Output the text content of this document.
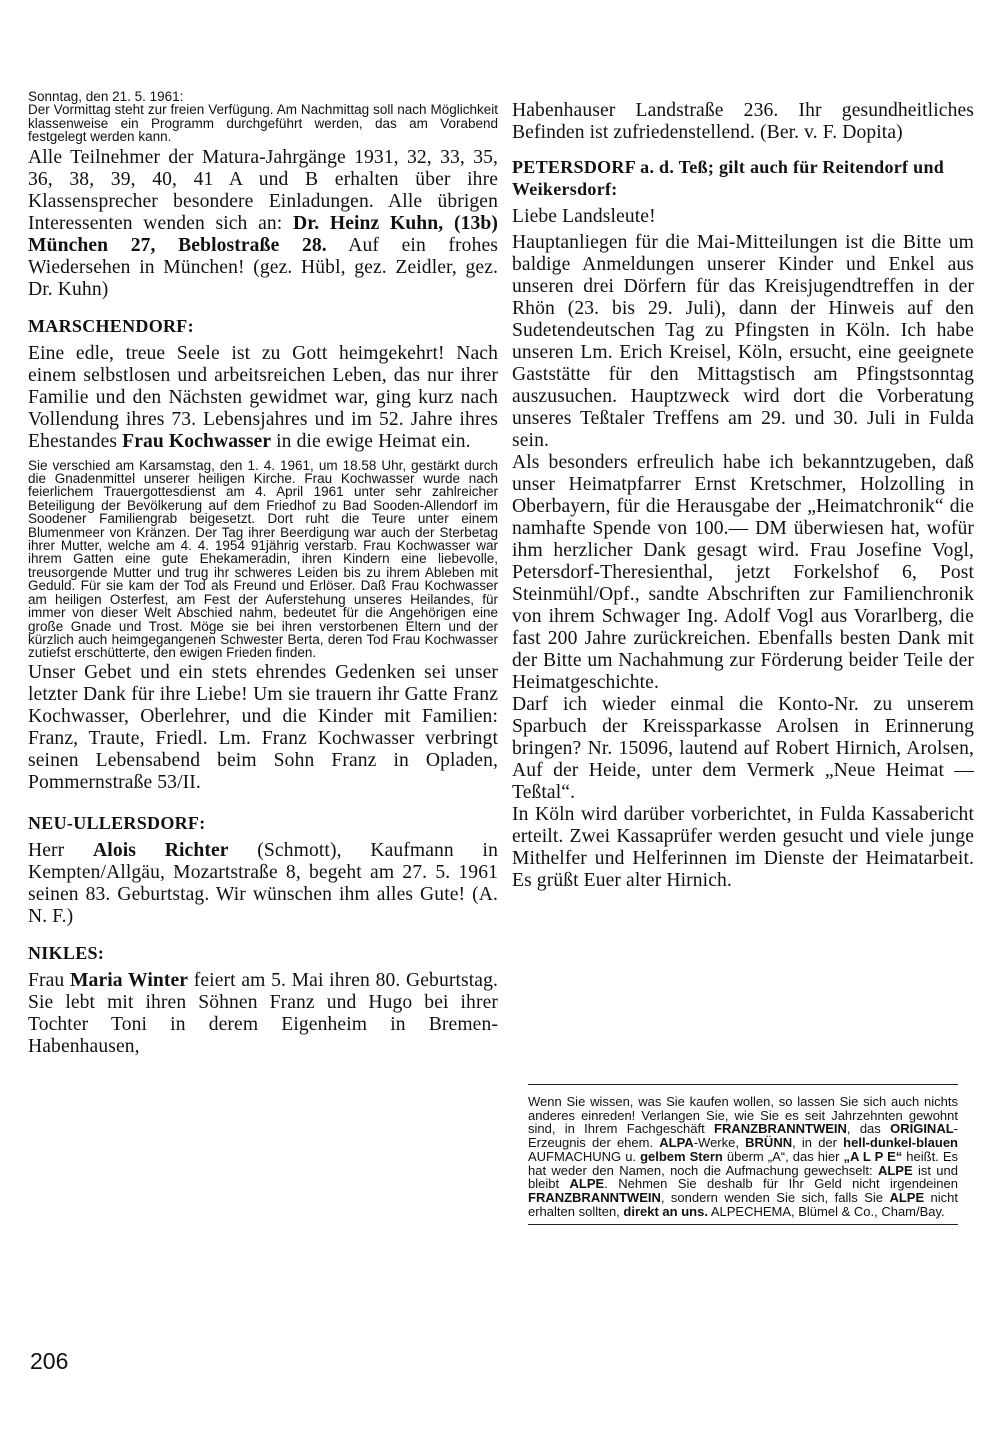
Sonntag, den 21. 5. 1961:
Der Vormittag steht zur freien Verfügung. Am Nachmittag soll nach Möglichkeit klassenweise ein Programm durchgeführt werden, das am Vorabend festgelegt werden kann.

Alle Teilnehmer der Matura-Jahrgänge 1931, 32, 33, 35, 36, 38, 39, 40, 41 A und B erhalten über ihre Klassensprecher besondere Einladungen. Alle übrigen Interessenten wenden sich an: Dr. Heinz Kuhn, (13b) München 27, Beblostraße 28. Auf ein frohes Wiedersehen in München! (gez. Hübl, gez. Zeidler, gez. Dr. Kuhn)

MARSCHENDORF:

Eine edle, treue Seele ist zu Gott heimgekehrt! Nach einem selbstlosen und arbeitsreichen Leben, das nur ihrer Familie und den Nächsten gewidmet war, ging kurz nach Vollendung ihres 73. Lebensjahres und im 52. Jahre ihres Ehestandes Frau Kochwasser in die ewige Heimat ein.

Sie verschied am Karsamstag, den 1. 4. 1961, um 18.58 Uhr, gestärkt durch die Gnadenmittel unserer heiligen Kirche. Frau Kochwasser wurde nach feierlichem Trauergottesdienst am 4. April 1961 unter sehr zahlreicher Beteiligung der Bevölkerung auf dem Friedhof zu Bad Sooden-Allendorf im Soodener Familiengrab beigesetzt. Dort ruht die Teure unter einem Blumenmeer von Kränzen. Der Tag ihrer Beerdigung war auch der Sterbetag ihrer Mutter, welche am 4. 4. 1954 91jährig verstarb. Frau Kochwasser war ihrem Gatten eine gute Ehekameradin, ihren Kindern eine liebevolle, treusorgende Mutter und trug ihr schweres Leiden bis zu ihrem Ableben mit Geduld. Für sie kam der Tod als Freund und Erlöser. Daß Frau Kochwasser am heiligen Osterfest, am Fest der Auferstehung unseres Heilandes, für immer von dieser Welt Abschied nahm, bedeutet für die Angehörigen eine große Gnade und Trost. Möge sie bei ihren verstorbenen Eltern und der kürzlich auch heimgegangenen Schwester Berta, deren Tod Frau Kochwasser zutiefst erschütterte, den ewigen Frieden finden.

Unser Gebet und ein stets ehrendes Gedenken sei unser letzter Dank für ihre Liebe! Um sie trauern ihr Gatte Franz Kochwasser, Oberlehrer, und die Kinder mit Familien: Franz, Traute, Friedl. Lm. Franz Kochwasser verbringt seinen Lebensabend beim Sohn Franz in Opladen, Pommernstraße 53/II.

NEU-ULLERSDORF:

Herr Alois Richter (Schmott), Kaufmann in Kempten/Allgäu, Mozartstraße 8, begeht am 27. 5. 1961 seinen 83. Geburtstag. Wir wünschen ihm alles Gute! (A. N. F.)

NIKLES:

Frau Maria Winter feiert am 5. Mai ihren 80. Geburtstag. Sie lebt mit ihren Söhnen Franz und Hugo bei ihrer Tochter Toni in derem Eigenheim in Bremen-Habenhausen,

Habenhauser Landstraße 236. Ihr gesundheitliches Befinden ist zufriedenstellend. (Ber. v. F. Dopita)

PETERSDORF a. d. Teß; gilt auch für Reitendorf und Weikersdorf:

Liebe Landsleute!

Hauptanliegen für die Mai-Mitteilungen ist die Bitte um baldige Anmeldungen unserer Kinder und Enkel aus unseren drei Dörfern für das Kreisjugendtreffen in der Rhön (23. bis 29. Juli), dann der Hinweis auf den Sudetendeutschen Tag zu Pfingsten in Köln. Ich habe unseren Lm. Erich Kreisel, Köln, ersucht, eine geeignete Gaststätte für den Mittagstisch am Pfingstsonntag auszusuchen. Hauptzweck wird dort die Vorberatung unseres Teßtaler Treffens am 29. und 30. Juli in Fulda sein.

Als besonders erfreulich habe ich bekanntzugeben, daß unser Heimatpfarrer Ernst Kretschmer, Holzolling in Oberbayern, für die Herausgabe der „Heimatchronik“ die namhafte Spende von 100.— DM überwiesen hat, wofür ihm herzlicher Dank gesagt wird. Frau Josefine Vogl, Petersdorf-Theresienthal, jetzt Forkelshof 6, Post Steinmühl/Opf., sandte Abschriften zur Familienchronik von ihrem Schwager Ing. Adolf Vogl aus Vorarlberg, die fast 200 Jahre zurückreichen. Ebenfalls besten Dank mit der Bitte um Nachahmung zur Förderung beider Teile der Heimatgeschichte.

Darf ich wieder einmal die Konto-Nr. zu unserem Sparbuch der Kreissparkasse Arolsen in Erinnerung bringen? Nr. 15096, lautend auf Robert Hirnich, Arolsen, Auf der Heide, unter dem Vermerk „Neue Heimat — Teßtal“.

In Köln wird darüber vorberichtet, in Fulda Kassabericht erteilt. Zwei Kassaprüfer werden gesucht und viele junge Mithelfer und Helferinnen im Dienste der Heimatarbeit. Es grüßt Euer alter Hirnich.

Wenn Sie wissen, was Sie kaufen wollen, so lassen Sie sich auch nichts anderes einreden! Verlangen Sie, wie Sie es seit Jahrzehnten gewohnt sind, in Ihrem Fachgeschäft FRANZBRANNTWEIN, das ORIGINAL-Erzeugnis der ehem. ALPA-Werke, BRÜNN, in der hell-dunkel-blauen AUFMACHUNG u. gelbem Stern überm „A“, das hier „A L P E“ heißt. Es hat weder den Namen, noch die Aufmachung gewechselt: ALPE ist und bleibt ALPE. Nehmen Sie deshalb für Ihr Geld nicht irgendeinen FRANZBRANNTWEIN, sondern wenden Sie sich, falls Sie ALPE nicht erhalten sollten, direkt an uns. ALPECHEMA, Blümel & Co., Cham/Bay.

206
